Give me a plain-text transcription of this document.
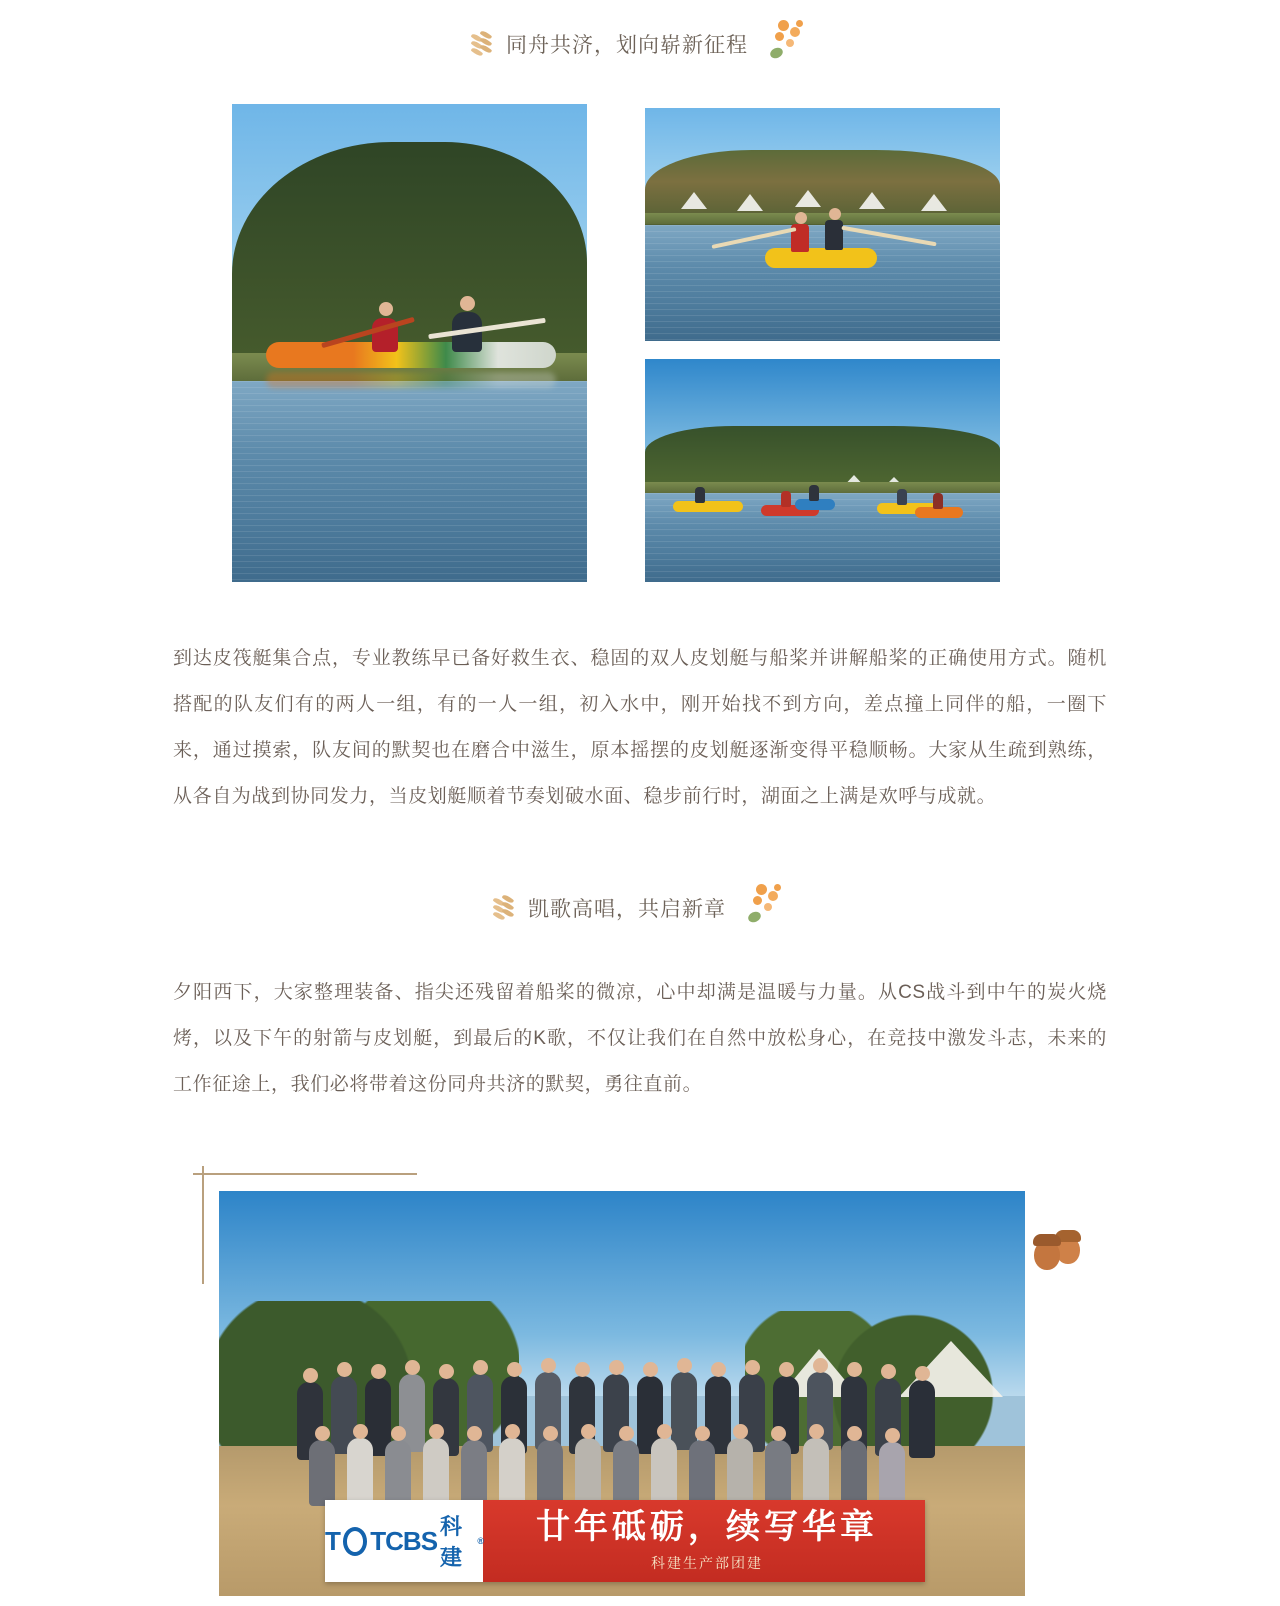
同舟共济，划向崭新征程
到达皮筏艇集合点，专业教练早已备好救生衣、稳固的双人皮划艇与船桨并讲解船桨的正确使用方式。随机搭配的队友们有的两人一组，有的一人一组，初入水中，刚开始找不到方向，差点撞上同伴的船，一圈下来，通过摸索，队友间的默契也在磨合中滋生，原本摇摆的皮划艇逐渐变得平稳顺畅。大家从生疏到熟练，从各自为战到协同发力，当皮划艇顺着节奏划破水面、稳步前行时，湖面之上满是欢呼与成就。
凯歌高唱，共启新章
夕阳西下，大家整理装备、指尖还残留着船桨的微凉，心中却满是温暖与力量。从CS战斗到中午的炭火烧烤，以及下午的射箭与皮划艇，到最后的K歌，不仅让我们在自然中放松身心，在竞技中激发斗志，未来的工作征途上，我们必将带着这份同舟共济的默契，勇往直前。
T TCBS 科建
® 廿年砥砺，续写华章
科建生产部团建
